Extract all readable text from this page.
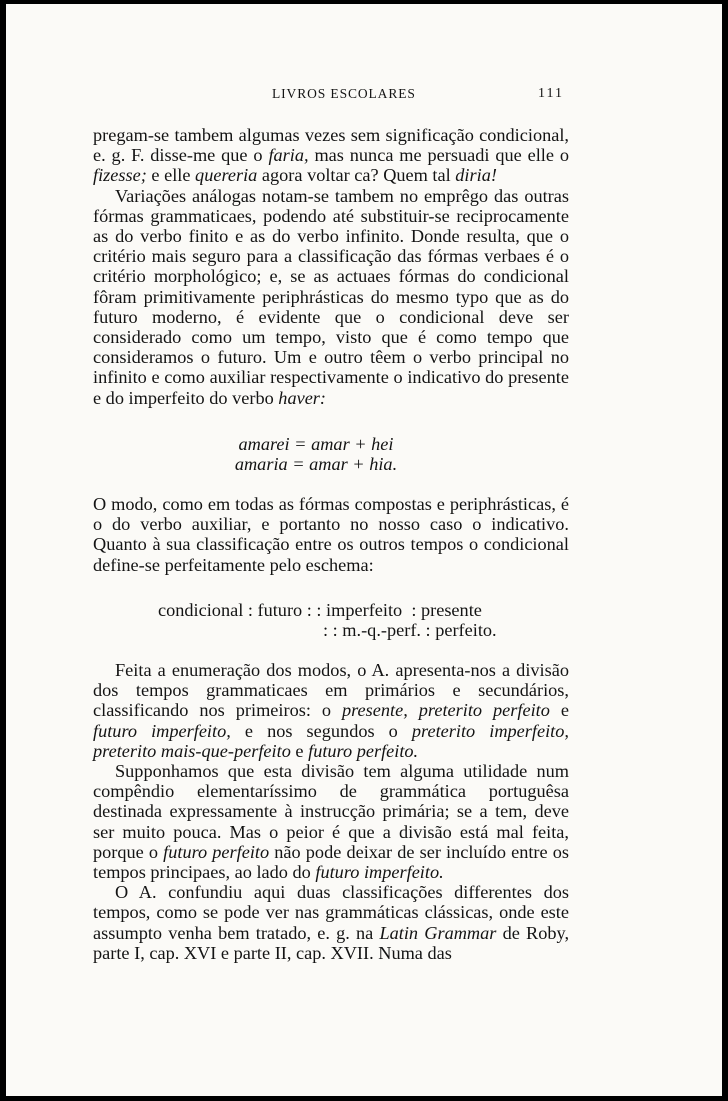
LIVROS ESCOLARES	111

pregam-se tambem algumas vezes sem significação condicional, e. g. F. disse-me que o faria, mas nunca me persuadi que elle o fizesse; e elle quereria agora voltar ca? Quem tal diria!

Variações análogas notam-se tambem no emprêgo das outras fórmas grammaticaes, podendo até substituir-se reciprocamente as do verbo finito e as do verbo infinito. Donde resulta, que o critério mais seguro para a classificação das fórmas verbaes é o critério morphológico; e, se as actuaes fórmas do condicional fôram primitivamente periphrásticas do mesmo typo que as do futuro moderno, é evidente que o condicional deve ser considerado como um tempo, visto que é como tempo que consideramos o futuro. Um e outro têem o verbo principal no infinito e como auxiliar respectivamente o indicativo do presente e do imperfeito do verbo haver:

amarei = amar + hei
amaria = amar + hia.

O modo, como em todas as fórmas compostas e periphrásticas, é o do verbo auxiliar, e portanto no nosso caso o indicativo. Quanto à sua classificação entre os outros tempos o condicional define-se perfeitamente pelo eschema:

condicional : futuro : : imperfeito  : presente
: : m.-q.-perf. : perfeito.

Feita a enumeração dos modos, o A. apresenta-nos a divisão dos tempos grammaticaes em primários e secundários, classificando nos primeiros: o presente, preterito perfeito e futuro imperfeito, e nos segundos o preterito imperfeito, preterito mais-que-perfeito e futuro perfeito.

Supponhamos que esta divisão tem alguma utilidade num compêndio elementaríssimo de grammática portuguêsa destinada expressamente à instrucção primária; se a tem, deve ser muito pouca. Mas o peior é que a divisão está mal feita, porque o futuro perfeito não pode deixar de ser incluído entre os tempos principaes, ao lado do futuro imperfeito.

O A. confundiu aqui duas classificações differentes dos tempos, como se pode ver nas grammáticas clássicas, onde este assumpto venha bem tratado, e. g. na Latin Grammar de Roby, parte I, cap. XVI e parte II, cap. XVII. Numa das
